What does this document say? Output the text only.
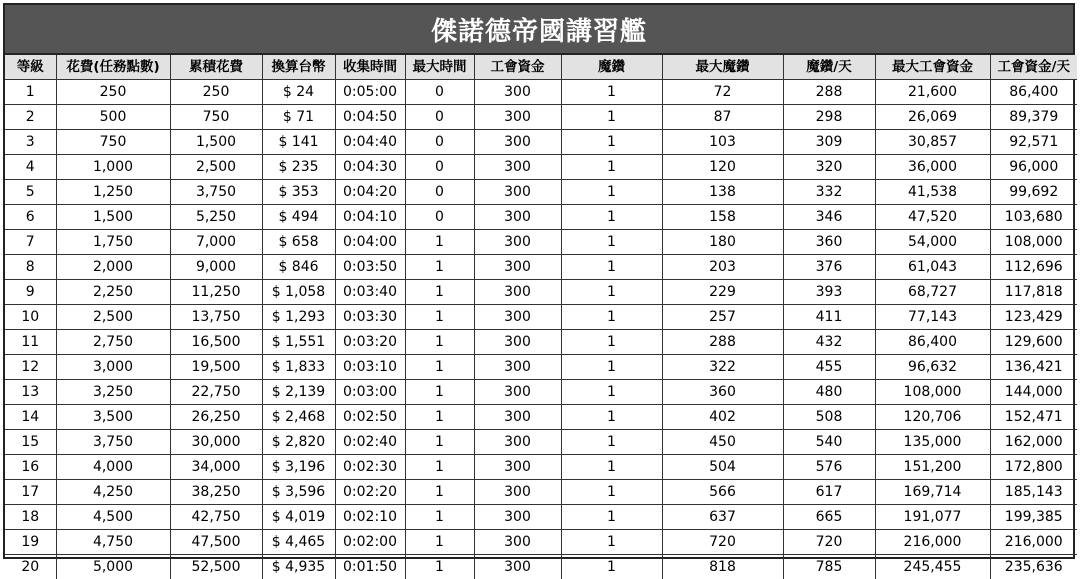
傑諾德帝國講習艦
等級	花費(任務點數)	累積花費	換算台幣	收集時間	最大時間	工會資金	魔鑽	最大魔鑽	魔鑽/天	最大工會資金	工會資金/天
1	250	250	$ 24	0:05:00	0	300	1	72	288	21,600	86,400
2	500	750	$ 71	0:04:50	0	300	1	87	298	26,069	89,379
3	750	1,500	$ 141	0:04:40	0	300	1	103	309	30,857	92,571
4	1,000	2,500	$ 235	0:04:30	0	300	1	120	320	36,000	96,000
5	1,250	3,750	$ 353	0:04:20	0	300	1	138	332	41,538	99,692
6	1,500	5,250	$ 494	0:04:10	0	300	1	158	346	47,520	103,680
7	1,750	7,000	$ 658	0:04:00	1	300	1	180	360	54,000	108,000
8	2,000	9,000	$ 846	0:03:50	1	300	1	203	376	61,043	112,696
9	2,250	11,250	$ 1,058	0:03:40	1	300	1	229	393	68,727	117,818
10	2,500	13,750	$ 1,293	0:03:30	1	300	1	257	411	77,143	123,429
11	2,750	16,500	$ 1,551	0:03:20	1	300	1	288	432	86,400	129,600
12	3,000	19,500	$ 1,833	0:03:10	1	300	1	322	455	96,632	136,421
13	3,250	22,750	$ 2,139	0:03:00	1	300	1	360	480	108,000	144,000
14	3,500	26,250	$ 2,468	0:02:50	1	300	1	402	508	120,706	152,471
15	3,750	30,000	$ 2,820	0:02:40	1	300	1	450	540	135,000	162,000
16	4,000	34,000	$ 3,196	0:02:30	1	300	1	504	576	151,200	172,800
17	4,250	38,250	$ 3,596	0:02:20	1	300	1	566	617	169,714	185,143
18	4,500	42,750	$ 4,019	0:02:10	1	300	1	637	665	191,077	199,385
19	4,750	47,500	$ 4,465	0:02:00	1	300	1	720	720	216,000	216,000
20	5,000	52,500	$ 4,935	0:01:50	1	300	1	818	785	245,455	235,636
